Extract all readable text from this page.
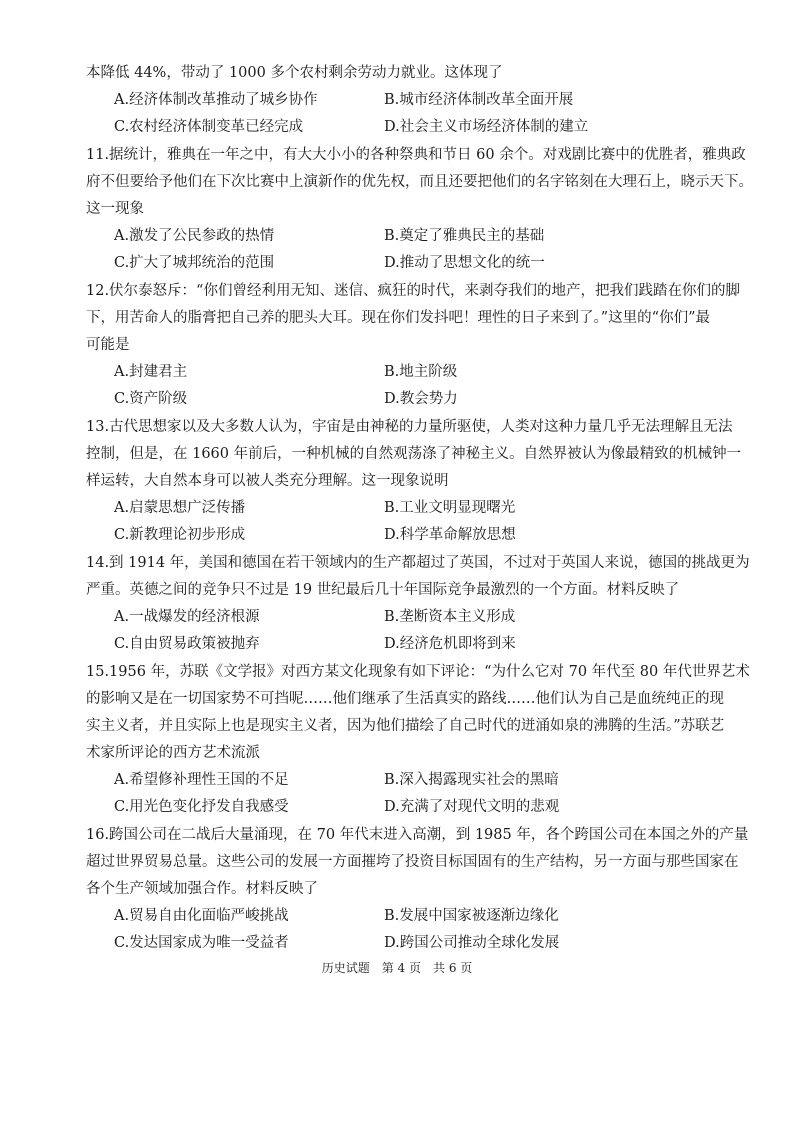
本降低 44%，带动了 1000 多个农村剩余劳动力就业。这体现了
A.经济体制改革推动了城乡协作	B.城市经济体制改革全面开展
C.农村经济体制变革已经完成	D.社会主义市场经济体制的建立
11.据统计，雅典在一年之中，有大大小小的各种祭典和节日 60 余个。对戏剧比赛中的优胜者，雅典政
府不但要给予他们在下次比赛中上演新作的优先权，而且还要把他们的名字铭刻在大理石上，晓示天下。
这一现象
A.激发了公民参政的热情	B.奠定了雅典民主的基础
C.扩大了城邦统治的范围	D.推动了思想文化的统一
12.伏尔泰怒斥：“你们曾经利用无知、迷信、疯狂的时代，来剥夺我们的地产，把我们践踏在你们的脚
下，用苦命人的脂膏把自己养的肥头大耳。现在你们发抖吧！理性的日子来到了。”这里的“你们”最
可能是
A.封建君主	B.地主阶级
C.资产阶级	D.教会势力
13.古代思想家以及大多数人认为，宇宙是由神秘的力量所驱使，人类对这种力量几乎无法理解且无法
控制，但是，在 1660 年前后，一种机械的自然观荡涤了神秘主义。自然界被认为像最精致的机械钟一
样运转，大自然本身可以被人类充分理解。这一现象说明
A.启蒙思想广泛传播	B.工业文明显现曙光
C.新教理论初步形成	D.科学革命解放思想
14.到 1914 年，美国和德国在若干领域内的生产都超过了英国，不过对于英国人来说，德国的挑战更为
严重。英德之间的竞争只不过是 19 世纪最后几十年国际竞争最激烈的一个方面。材料反映了
A.一战爆发的经济根源	B.垄断资本主义形成
C.自由贸易政策被抛弃	D.经济危机即将到来
15.1956 年，苏联《文学报》对西方某文化现象有如下评论：“为什么它对 70 年代至 80 年代世界艺术
的影响又是在一切国家势不可挡呢……他们继承了生活真实的路线……他们认为自己是血统纯正的现
实主义者，并且实际上也是现实主义者，因为他们描绘了自己时代的迸涌如泉的沸腾的生活。”苏联艺
术家所评论的西方艺术流派
A.希望修补理性王国的不足	B.深入揭露现实社会的黑暗
C.用光色变化抒发自我感受	D.充满了对现代文明的悲观
16.跨国公司在二战后大量涌现，在 70 年代末进入高潮，到 1985 年，各个跨国公司在本国之外的产量
超过世界贸易总量。这些公司的发展一方面摧垮了投资目标国固有的生产结构，另一方面与那些国家在
各个生产领域加强合作。材料反映了
A.贸易自由化面临严峻挑战	B.发展中国家被逐渐边缘化
C.发达国家成为唯一受益者	D.跨国公司推动全球化发展
历史试题　第 4 页　共 6 页
